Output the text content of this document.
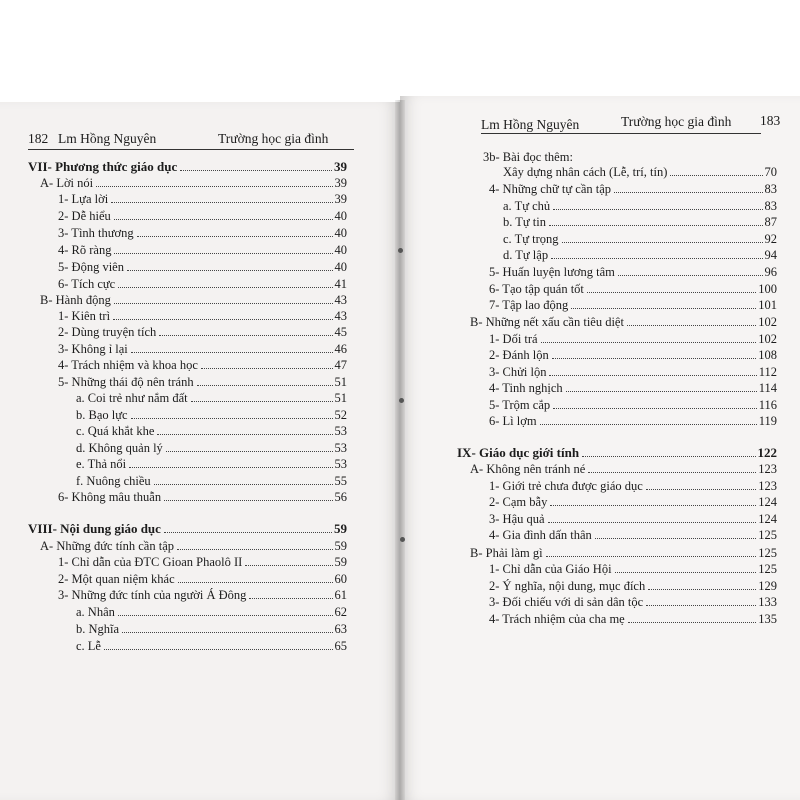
182 Lm Hồng Nguyên	Trường học gia đình
Lm Hồng Nguyên	Trường học gia đình 183
VII- Phương thức giáo dục	39
A- Lời nói	39
1- Lựa lời	39
2- Dễ hiểu	40
3- Tình thương	40
4- Rõ ràng	40
5- Động viên	40
6- Tích cực	41
B- Hành động	43
1- Kiên trì	43
2- Dùng truyện tích	45
3- Không ỉ lại	46
4- Trách nhiệm và khoa học	47
5- Những thái độ nên tránh	51
a. Coi trẻ như nắm đất	51
b. Bạo lực	52
c. Quá khắt khe	53
d. Không quản lý	53
e. Thả nổi	53
f. Nuông chiều	55
6- Không mâu thuẫn	56
VIII- Nội dung giáo dục	59
A- Những đức tính cần tập	59
1- Chỉ dẫn của ĐTC Gioan Phaolô II	59
2- Một quan niệm khác	60
3- Những đức tính của người Á Đông	61
a. Nhân	62
b. Nghĩa	63
c. Lễ	65
3b- Bài đọc thêm:
Xây dựng nhân cách (Lễ, trí, tín)	70
4- Những chữ tự cần tập	83
a. Tự chủ	83
b. Tự tin	87
c. Tự trọng	92
d. Tự lập	94
5- Huấn luyện lương tâm	96
6- Tạo tập quán tốt	100
7- Tập lao động	101
B- Những nết xấu cần tiêu diệt	102
1- Dối trá	102
2- Đánh lộn	108
3- Chửi lộn	112
4- Tinh nghịch	114
5- Trộm cắp	116
6- Lì lợm	119
IX- Giáo dục giới tính	122
A- Không nên tránh né	123
1- Giới trẻ chưa được giáo dục	123
2- Cạm bẫy	124
3- Hậu quả	124
4- Gia đình dấn thân	125
B- Phải làm gì	125
1- Chỉ dẫn của Giáo Hội	125
2- Ý nghĩa, nội dung, mục đích	129
3- Đối chiếu với di sản dân tộc	133
4- Trách nhiệm của cha mẹ	135
